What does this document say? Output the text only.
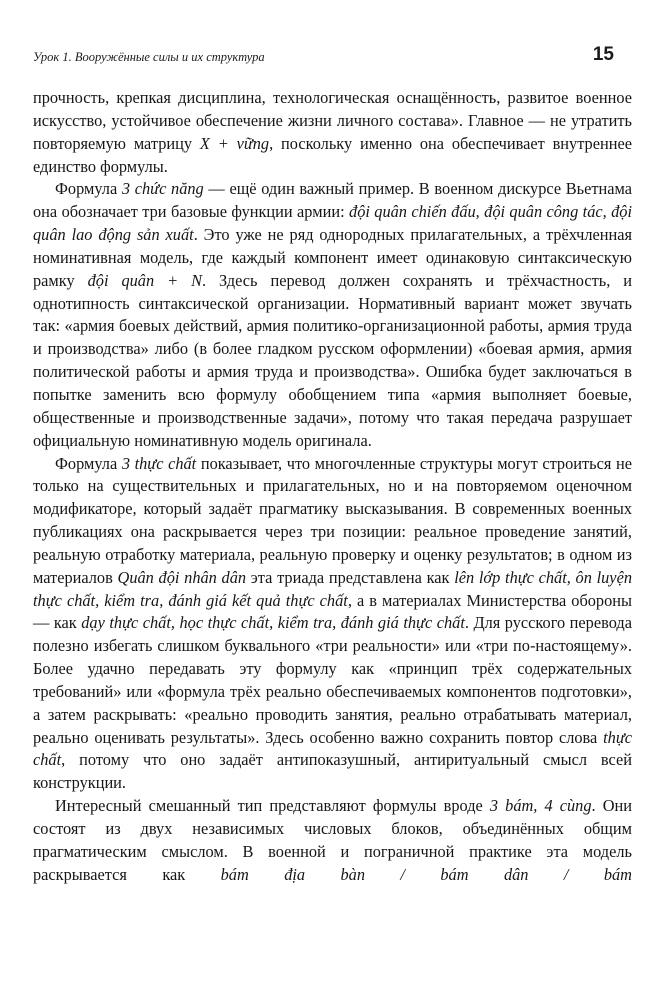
Урок 1. Вооружённые силы и их структура	15

прочность, крепкая дисциплина, технологическая оснащённость, развитое военное искусство, устойчивое обеспечение жизни личного состава». Главное — не утратить повторяемую матрицу X + vững, поскольку именно она обеспечивает внутреннее единство формулы.

Формула 3 chức năng — ещё один важный пример. В военном дискурсе Вьетнама она обозначает три базовые функции армии: đội quân chiến đấu, đội quân công tác, đội quân lao động sản xuất. Это уже не ряд однородных прилагательных, а трёхчленная номинативная модель, где каждый компонент имеет одинаковую синтаксическую рамку đội quân + N. Здесь перевод должен сохранять и трёхчастность, и однотипность синтаксической организации. Нормативный вариант может звучать так: «армия боевых действий, армия политико-организационной работы, армия труда и производства» либо (в более гладком русском оформлении) «боевая армия, армия политической работы и армия труда и производства». Ошибка будет заключаться в попытке заменить всю формулу обобщением типа «армия выполняет боевые, общественные и производственные задачи», потому что такая передача разрушает официальную номинативную модель оригинала.

Формула 3 thực chất показывает, что многочленные структуры могут строиться не только на существительных и прилагательных, но и на повторяемом оценочном модификаторе, который задаёт прагматику высказывания. В современных военных публикациях она раскрывается через три позиции: реальное проведение занятий, реальную отработку материала, реальную проверку и оценку результатов; в одном из материалов Quân đội nhân dân эта триада представлена как lên lớp thực chất, ôn luyện thực chất, kiểm tra, đánh giá kết quả thực chất, а в материалах Министерства обороны — как dạy thực chất, học thực chất, kiểm tra, đánh giá thực chất. Для русского перевода полезно избегать слишком буквального «три реальности» или «три по-настоящему». Более удачно передавать эту формулу как «принцип трёх содержательных требований» или «формула трёх реально обеспечиваемых компонентов подготовки», а затем раскрывать: «реально проводить занятия, реально отрабатывать материал, реально оценивать результаты». Здесь особенно важно сохранить повтор слова thực chất, потому что оно задаёт антипоказушный, антиритуальный смысл всей конструкции.

Интересный смешанный тип представляют формулы вроде 3 bám, 4 cùng. Они состоят из двух независимых числовых блоков, объединённых общим прагматическим смыслом. В военной и пограничной практике эта модель раскрывается как bám địa bàn / bám dân / bám
